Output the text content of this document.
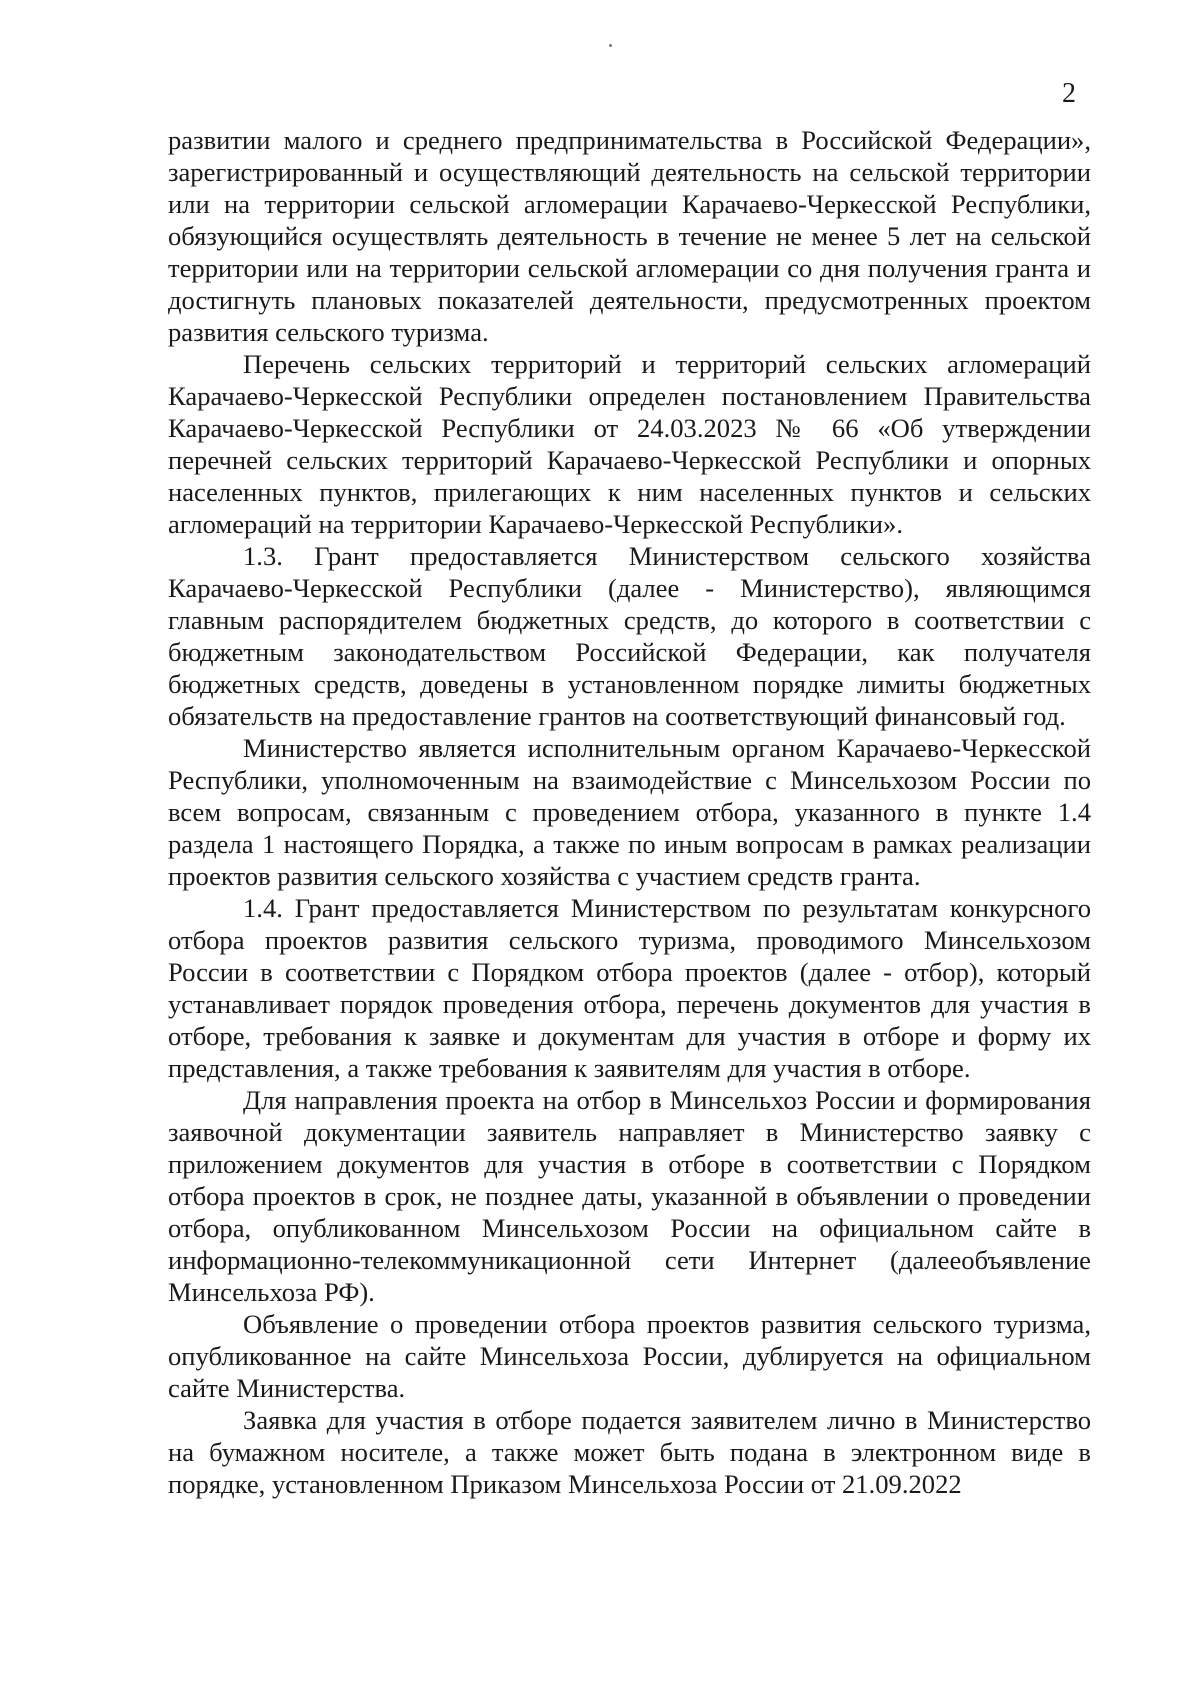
2

развитии малого и среднего предпринимательства в Российской Федерации», зарегистрированный и осуществляющий деятельность на сельской территории или на территории сельской агломерации Карачаево-Черкесской Республики, обязующийся осуществлять деятельность в течение не менее 5 лет на сельской территории или на территории сельской агломерации со дня получения гранта и достигнуть плановых показателей деятельности, предусмотренных проектом развития сельского туризма.

Перечень сельских территорий и территорий сельских агломераций Карачаево-Черкесской Республики определен постановлением Правительства Карачаево-Черкесской Республики от 24.03.2023 № 66 «Об утверждении перечней сельских территорий Карачаево-Черкесской Республики и опорных населенных пунктов, прилегающих к ним населенных пунктов и сельских агломераций на территории Карачаево-Черкесской Республики».

1.3. Грант предоставляется Министерством сельского хозяйства Карачаево-Черкесской Республики (далее - Министерство), являющимся главным распорядителем бюджетных средств, до которого в соответствии с бюджетным законодательством Российской Федерации, как получателя бюджетных средств, доведены в установленном порядке лимиты бюджетных обязательств на предоставление грантов на соответствующий финансовый год.

Министерство является исполнительным органом Карачаево-Черкесской Республики, уполномоченным на взаимодействие с Минсельхозом России по всем вопросам, связанным с проведением отбора, указанного в пункте 1.4 раздела 1 настоящего Порядка, а также по иным вопросам в рамках реализации проектов развития сельского хозяйства с участием средств гранта.

1.4. Грант предоставляется Министерством по результатам конкурсного отбора проектов развития сельского туризма, проводимого Минсельхозом России в соответствии с Порядком отбора проектов (далее - отбор), который устанавливает порядок проведения отбора, перечень документов для участия в отборе, требования к заявке и документам для участия в отборе и форму их представления, а также требования к заявителям для участия в отборе.

Для направления проекта на отбор в Минсельхоз России и формирования заявочной документации заявитель направляет в Министерство заявку с приложением документов для участия в отборе в соответствии с Порядком отбора проектов в срок, не позднее даты, указанной в объявлении о проведении отбора, опубликованном Минсельхозом России на официальном сайте в информационно-телекоммуникационной сети Интернет (далееобъявление Минсельхоза РФ).

Объявление о проведении отбора проектов развития сельского туризма, опубликованное на сайте Минсельхоза России, дублируется на официальном сайте Министерства.

Заявка для участия в отборе подается заявителем лично в Министерство на бумажном носителе, а также может быть подана в электронном виде в порядке, установленном Приказом Минсельхоза России от 21.09.2022
